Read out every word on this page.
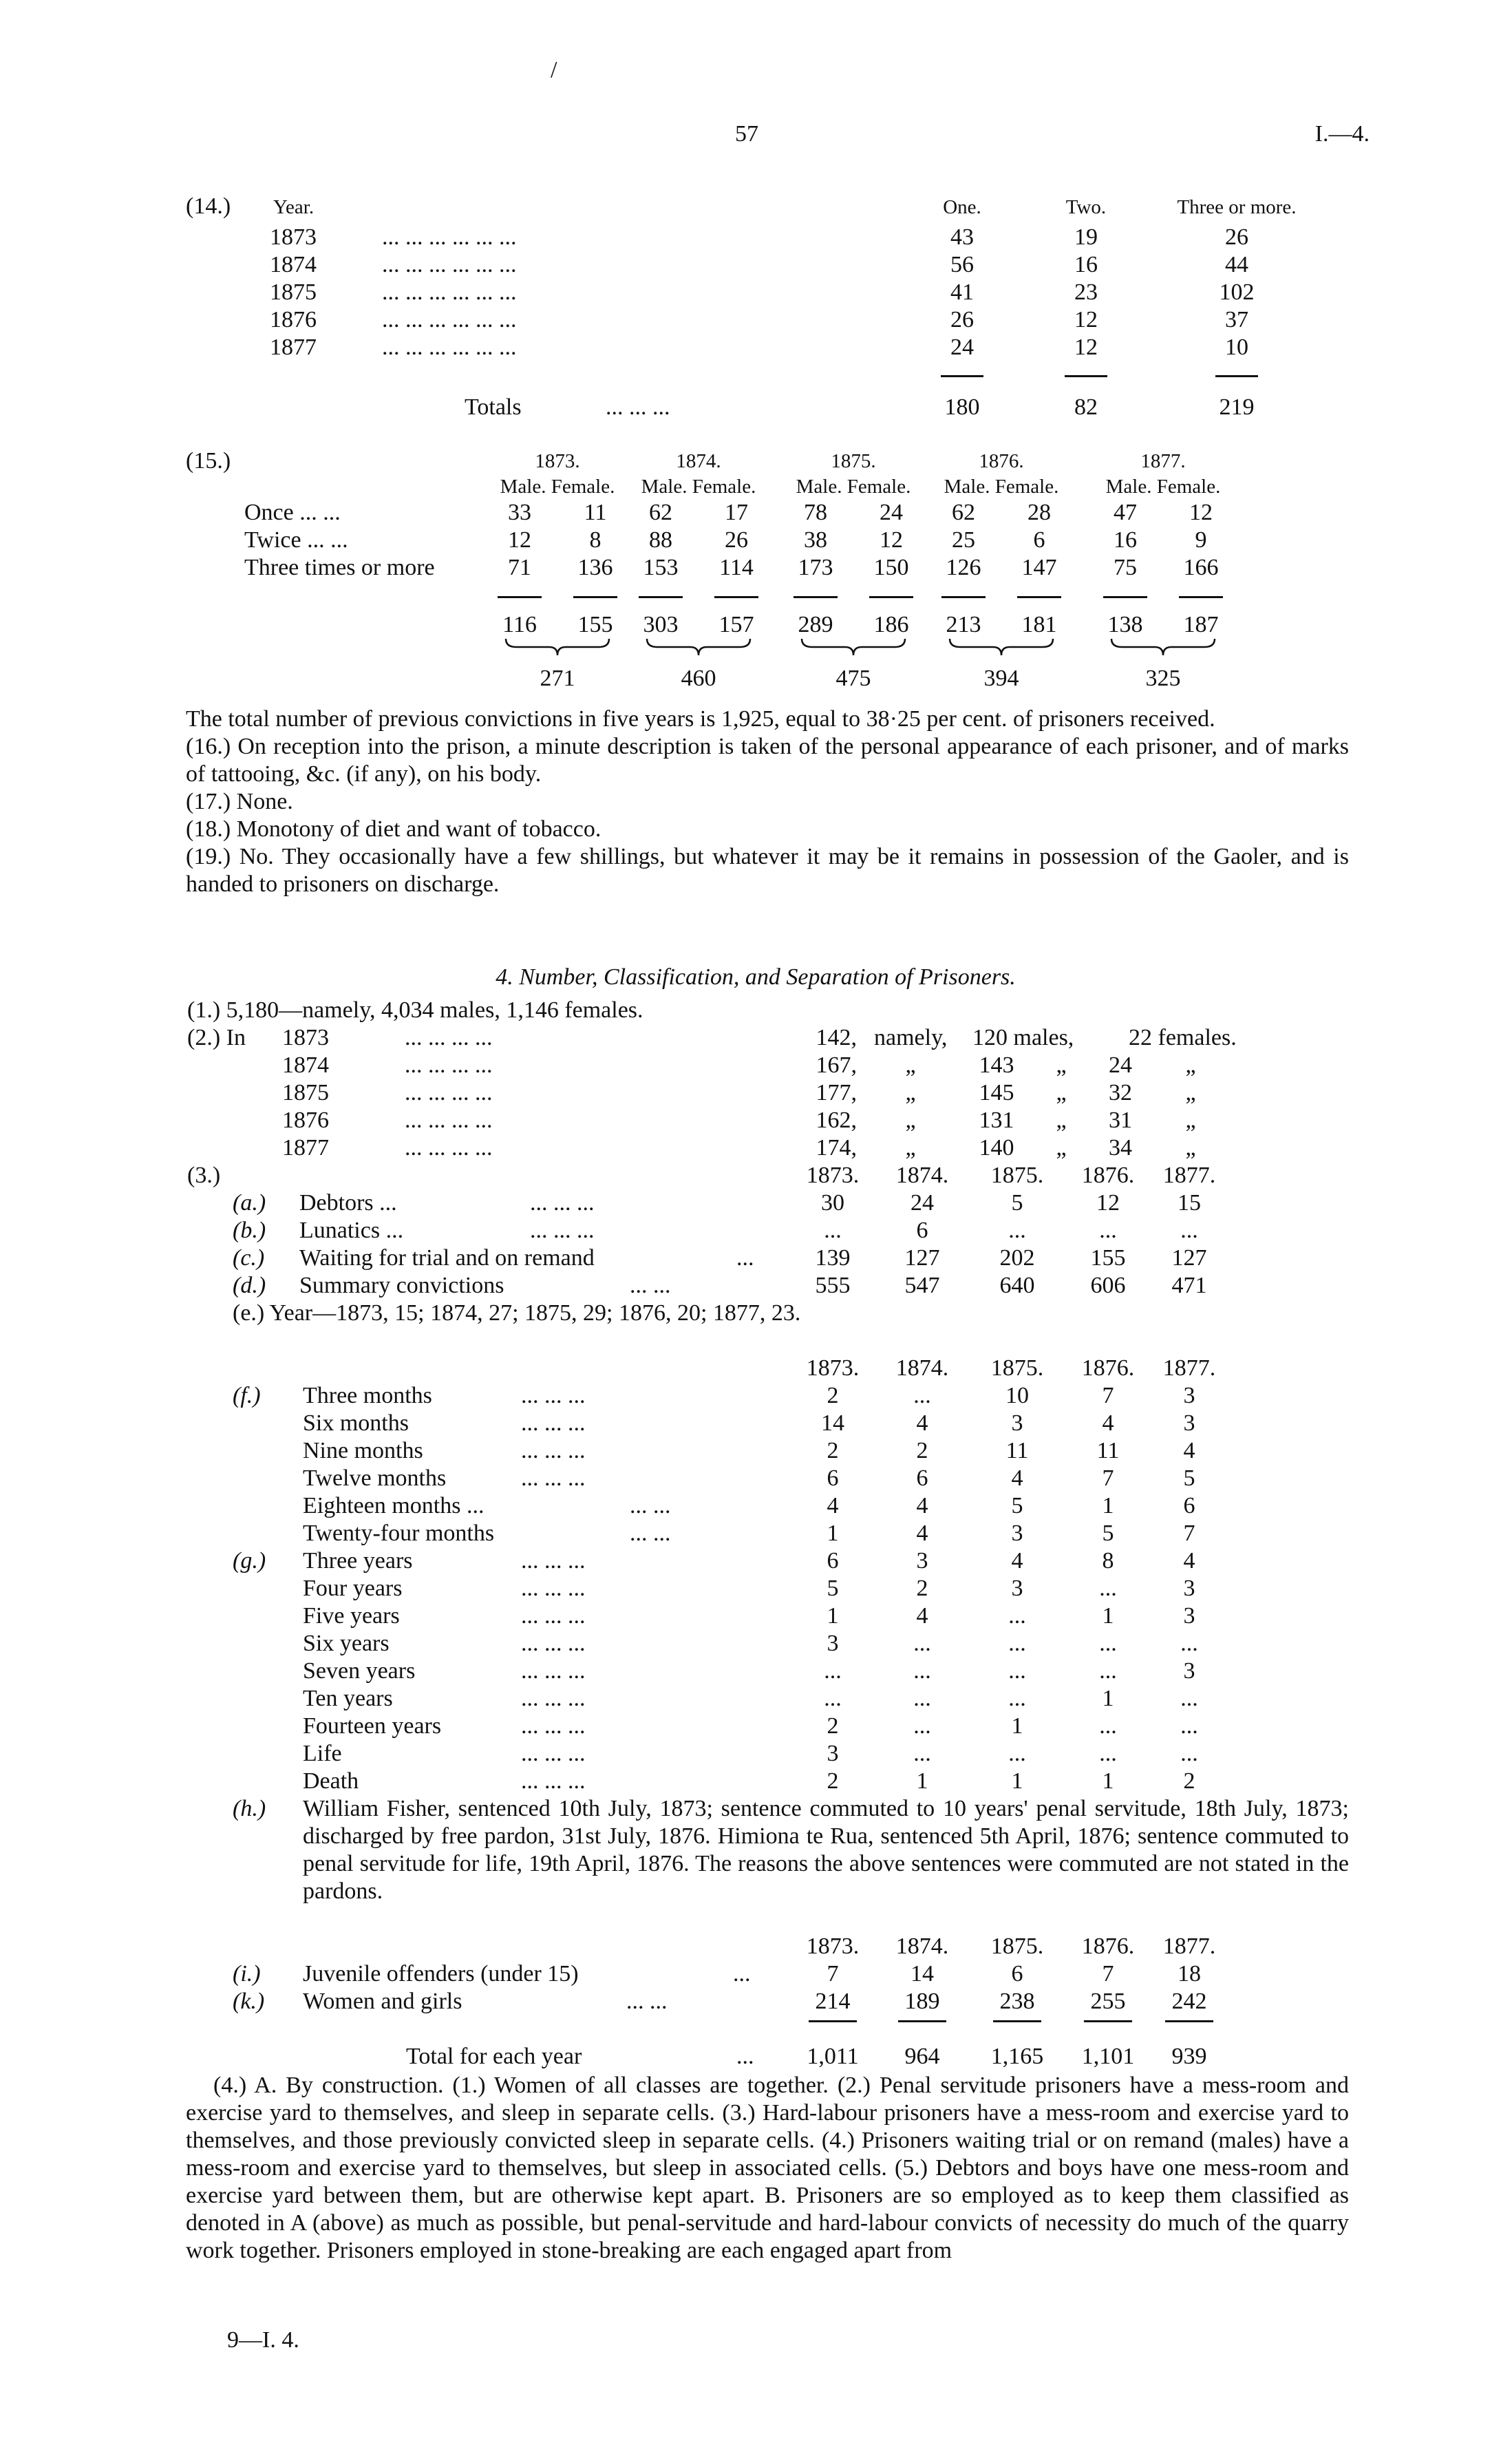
/
57	I.—4.
(14.) Year.	One.	Two.	Three or more.
1873	... ... ... ... ... ...	43	19	26
1874	... ... ... ... ... ...	56	16	44
1875	... ... ... ... ... ...	41	23	102
1876	... ... ... ... ... ...	26	12	37
1877	... ... ... ... ... ...	24	12	10
Totals	... ... ...	180	82	219
(15.)	1873.	1874.	1875.	1876.	1877.
Male. Female.	Male. Female.	Male. Female.	Male. Female.	Male. Female.
Once ... ...	33	11	62	17	78	24	62	28	47	12
Twice ... ...	12	8	88	26	38	12	25	6	16	9
Three times or more	71	136	153	114	173	150	126	147	75	166
116	155	303	157	289	186	213	181	138	187
271	460	475	394	325

The total number of previous convictions in five years is 1,925, equal to 38·25 per cent. of prisoners received.

(16.) On reception into the prison, a minute description is taken of the personal appearance of each prisoner, and of marks of tattooing, &c. (if any), on his body.

(17.) None.

(18.) Monotony of diet and want of tobacco.

(19.) No. They occasionally have a few shillings, but whatever it may be it remains in possession of the Gaoler, and is handed to prisoners on discharge.

4. Number, Classification, and Separation of Prisoners.
(1.) 5,180—namely, 4,034 males, 1,146 females.
(2.) In 1873	... ... ... ...	142, namely, 120 males, 22 females.
1874	... ... ... ...	167,	„	143	„	24	„
1875	... ... ... ...	177,	„	145	„	32	„
1876	... ... ... ...	162,	„	131	„	31	„
1877	... ... ... ...	174,	„	140	„	34	„
(3.)	1873.	1874.	1875.	1876.	1877.
(a.) Debtors ...	... ... ...	30	24	5	12	15
(b.) Lunatics ...	... ... ...	...	6	...	...	...
(c.) Waiting for trial and on remand	...	139	127	202	155	127
(d.) Summary convictions	... ...	555	547	640	606	471
(e.) Year—1873, 15; 1874, 27; 1875, 29; 1876, 20; 1877, 23.
1873.	1874.	1875.	1876.	1877.
(f.) Three months	... ... ...	2	...	10	7	3
Six months	... ... ...	14	4	3	4	3
Nine months	... ... ...	2	2	11	11	4
Twelve months	... ... ...	6	6	4	7	5
Eighteen months ...	... ...	4	4	5	1	6
Twenty-four months	... ...	1	4	3	5	7
(g.) Three years	... ... ...	6	3	4	8	4
Four years	... ... ...	5	2	3	...	3
Five years	... ... ...	1	4	...	1	3
Six years	... ... ...	3	...	...	...	...
Seven years	... ... ...	...	...	...	...	3
Ten years	... ... ...	...	...	...	1	...
Fourteen years	... ... ...	2	...	1	...	...
Life	... ... ...	3	...	...	...	...
Death	... ... ...	2	1	1	1	2
(h.) William Fisher, sentenced 10th July, 1873; sentence commuted to 10 years' penal servitude, 18th July, 1873; discharged by free pardon, 31st July, 1876. Himiona te Rua, sentenced 5th April, 1876; sentence commuted to penal servitude for life, 19th April, 1876. The reasons the above sentences were commuted are not stated in the pardons.
1873.	1874.	1875.	1876.	1877.
(i.) Juvenile offenders (under 15)	...	7	14	6	7	18
(k.) Women and girls	... ...	214	189	238	255	242
Total for each year	...	1,011	964	1,165	1,101	939
(4.) A. By construction. (1.) Women of all classes are together. (2.) Penal servitude prisoners have a mess-room and exercise yard to themselves, and sleep in separate cells. (3.) Hard-labour prisoners have a mess-room and exercise yard to themselves, and those previously convicted sleep in separate cells. (4.) Prisoners waiting trial or on remand (males) have a mess-room and exercise yard to themselves, but sleep in associated cells. (5.) Debtors and boys have one mess-room and exercise yard between them, but are otherwise kept apart. B. Prisoners are so employed as to keep them classified as denoted in A (above) as much as possible, but penal-servitude and hard-labour convicts of necessity do much of the quarry work together. Prisoners employed in stone-breaking are each engaged apart from
9—I. 4.
